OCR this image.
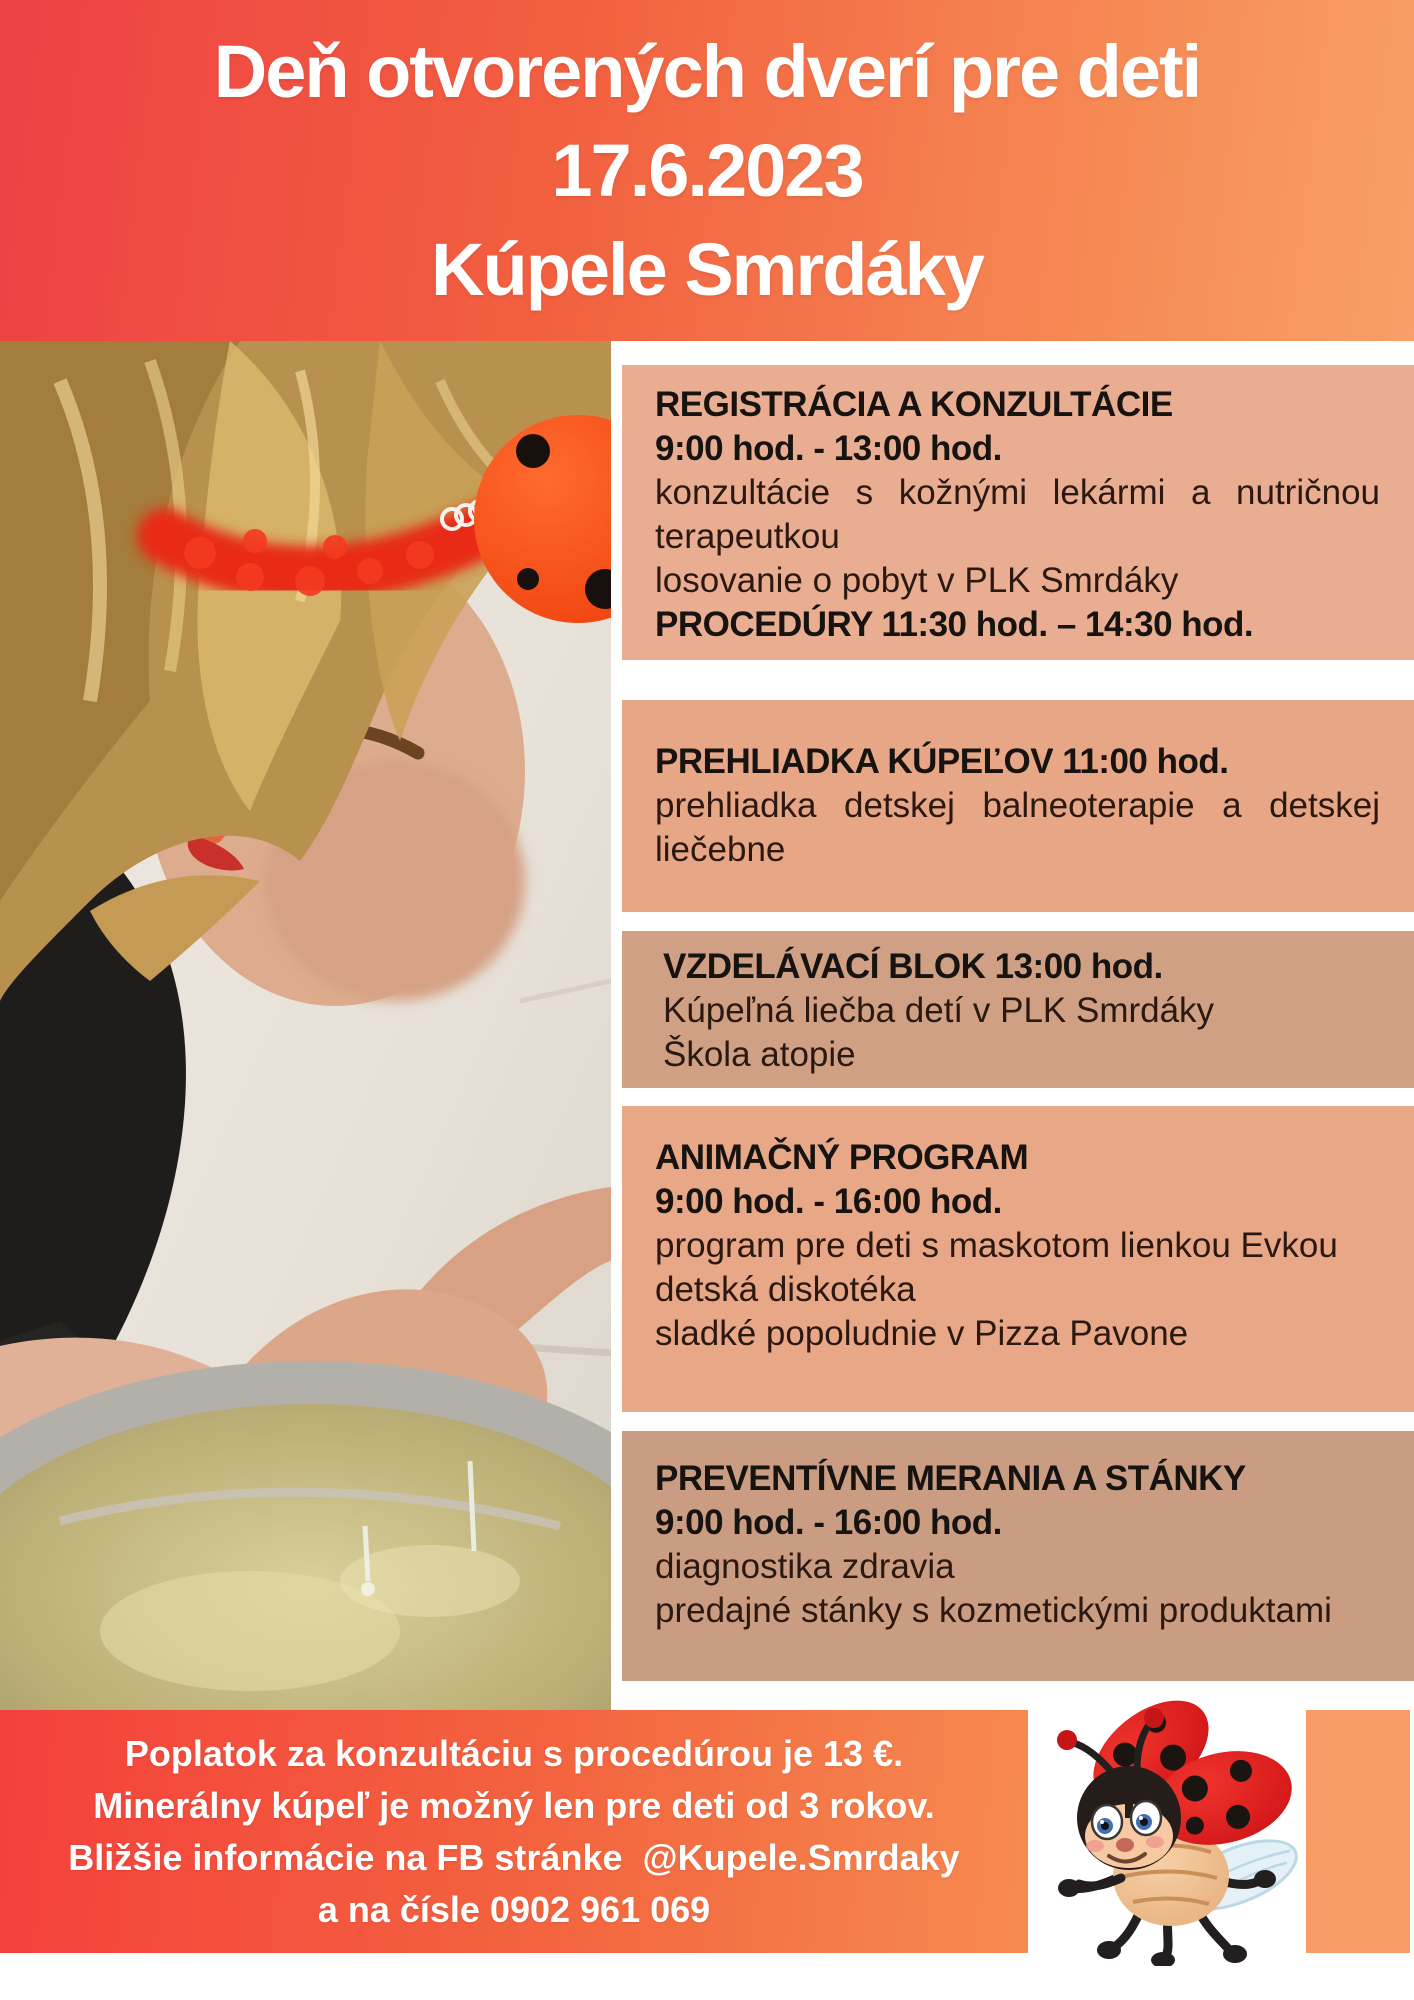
Deň otvorených dverí pre deti
17.6.2023
Kúpele Smrdáky
REGISTRÁCIA A KONZULTÁCIE
9:00 hod. - 13:00 hod.
konzultácie s kožnými lekármi a nutričnou terapeutkou
losovanie o pobyt v PLK Smrdáky
PROCEDÚRY 11:30 hod. – 14:30 hod.
PREHLIADKA KÚPEĽOV 11:00 hod.
prehliadka detskej balneoterapie a detskej liečebne
VZDELÁVACÍ BLOK 13:00 hod.
Kúpeľná liečba detí v PLK Smrdáky
Škola atopie
ANIMAČNÝ PROGRAM
9:00 hod. - 16:00 hod.
program pre deti s maskotom lienkou Evkou
detská diskotéka
sladké popoludnie v Pizza Pavone
PREVENTÍVNE MERANIA A STÁNKY
9:00 hod. - 16:00 hod.
diagnostika zdravia
predajné stánky s kozmetickými produktami
Poplatok za konzultáciu s procedúrou je 13 €.
Minerálny kúpeľ je možný len pre deti od 3 rokov.
Bližšie informácie na FB stránke  @Kupele.Smrdaky
a na čísle 0902 961 069
